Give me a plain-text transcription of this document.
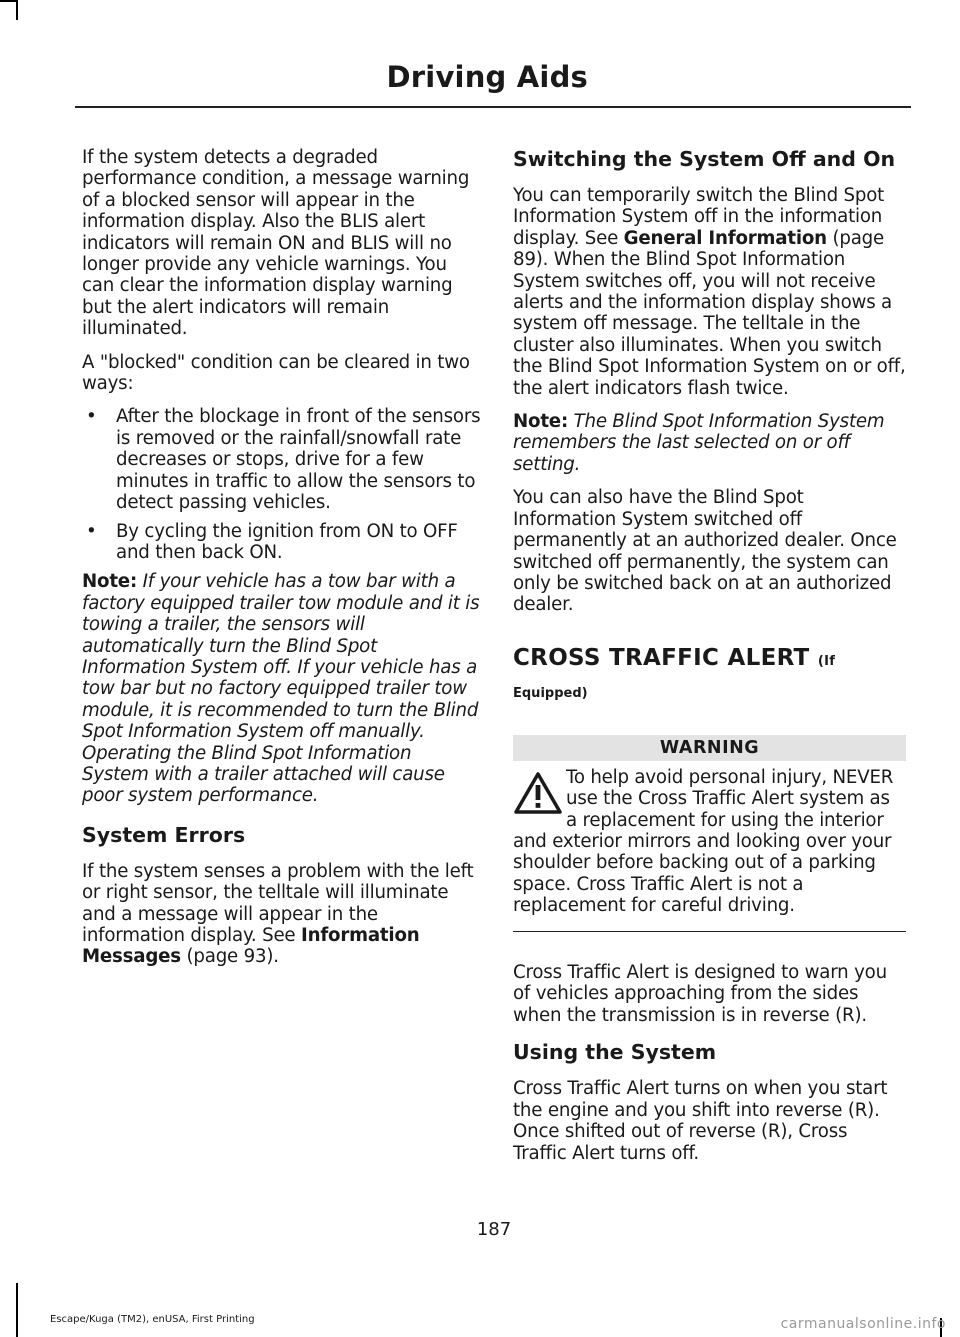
Driving Aids

If the system detects a degraded performance condition, a message warning of a blocked sensor will appear in the information display. Also the BLIS alert indicators will remain ON and BLIS will no longer provide any vehicle warnings. You can clear the information display warning but the alert indicators will remain illuminated.

A "blocked" condition can be cleared in two ways:

• After the blockage in front of the sensors is removed or the rainfall/snowfall rate decreases or stops, drive for a few minutes in traffic to allow the sensors to detect passing vehicles.
• By cycling the ignition from ON to OFF and then back ON.

Note: If your vehicle has a tow bar with a factory equipped trailer tow module and it is towing a trailer, the sensors will automatically turn the Blind Spot Information System off. If your vehicle has a tow bar but no factory equipped trailer tow module, it is recommended to turn the Blind Spot Information System off manually. Operating the Blind Spot Information System with a trailer attached will cause poor system performance.

System Errors

If the system senses a problem with the left or right sensor, the telltale will illuminate and a message will appear in the information display. See Information Messages (page 93).

Switching the System Off and On

You can temporarily switch the Blind Spot Information System off in the information display. See General Information (page 89). When the Blind Spot Information System switches off, you will not receive alerts and the information display shows a system off message. The telltale in the cluster also illuminates. When you switch the Blind Spot Information System on or off, the alert indicators flash twice.

Note: The Blind Spot Information System remembers the last selected on or off setting.

You can also have the Blind Spot Information System switched off permanently at an authorized dealer. Once switched off permanently, the system can only be switched back on at an authorized dealer.

CROSS TRAFFIC ALERT (If
Equipped)
WARNING
To help avoid personal injury, NEVER use the Cross Traffic Alert system as a replacement for using the interior and exterior mirrors and looking over your shoulder before backing out of a parking space. Cross Traffic Alert is not a replacement for careful driving.

Cross Traffic Alert is designed to warn you of vehicles approaching from the sides when the transmission is in reverse (R).

Using the System

Cross Traffic Alert turns on when you start the engine and you shift into reverse (R). Once shifted out of reverse (R), Cross Traffic Alert turns off.

187
Escape/Kuga (TM2), enUSA, First Printing	carmanualsonline.info
